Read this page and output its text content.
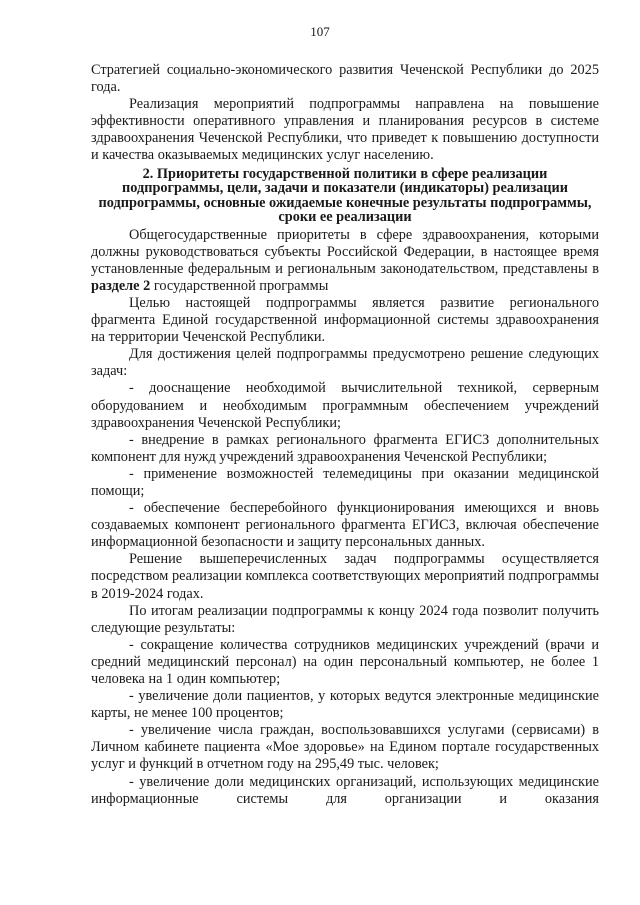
107

Стратегией социально-экономического развития Чеченской Республики до 2025 года.

Реализация мероприятий подпрограммы направлена на повышение эффективности оперативного управления и планирования ресурсов в системе здравоохранения Чеченской Республики, что приведет к повышению доступности и качества оказываемых медицинских услуг населению.

2. Приоритеты государственной политики в сфере реализации подпрограммы, цели, задачи и показатели (индикаторы) реализации подпрограммы, основные ожидаемые конечные результаты подпрограммы, сроки ее реализации

Общегосударственные приоритеты в сфере здравоохранения, которыми должны руководствоваться субъекты Российской Федерации, в настоящее время установленные федеральным и региональным законодательством, представлены в разделе 2 государственной программы

Целью настоящей подпрограммы является развитие регионального фрагмента Единой государственной информационной системы здравоохранения на территории Чеченской Республики.

Для достижения целей подпрограммы предусмотрено решение следующих задач:

- дооснащение необходимой вычислительной техникой, серверным оборудованием и необходимым программным обеспечением учреждений здравоохранения Чеченской Республики;

- внедрение в рамках регионального фрагмента ЕГИСЗ дополнительных компонент для нужд учреждений здравоохранения Чеченской Республики;

- применение возможностей телемедицины при оказании медицинской помощи;

- обеспечение бесперебойного функционирования имеющихся и вновь создаваемых компонент регионального фрагмента ЕГИСЗ, включая обеспечение информационной безопасности и защиту персональных данных.

Решение вышеперечисленных задач подпрограммы осуществляется посредством реализации комплекса соответствующих мероприятий подпрограммы в 2019-2024 годах.

По итогам реализации подпрограммы к концу 2024 года позволит получить следующие результаты:

- сокращение количества сотрудников медицинских учреждений (врачи и средний медицинский персонал) на один персональный компьютер, не более 1 человека на 1 один компьютер;

- увеличение доли пациентов, у которых ведутся электронные медицинские карты, не менее 100 процентов;

- увеличение числа граждан, воспользовавшихся услугами (сервисами) в Личном кабинете пациента «Мое здоровье» на Едином портале государственных услуг и функций в отчетном году на 295,49 тыс. человек;

- увеличение доли медицинских организаций, использующих медицинские информационные системы для организации и оказания
